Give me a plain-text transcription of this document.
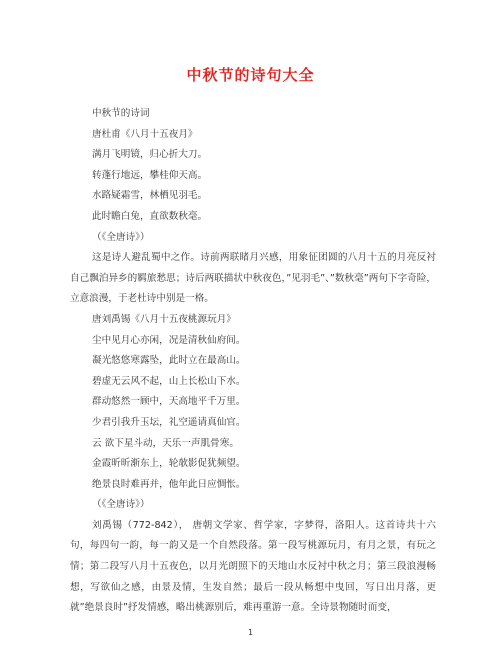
中秋节的诗句大全
中秋节的诗词
唐杜甫《八月十五夜月》
满月飞明镜，归心折大刀。
转蓬行地远，攀桂仰天高。
水路疑霜雪，林栖见羽毛。
此时瞻白兔，直欲数秋毫。
（《全唐诗》）
这是诗人避乱蜀中之作。诗前两联睹月兴感，用象征团圆的八月十五的月亮反衬自己飘泊异乡的羁旅愁思；诗后两联描状中秋夜色，”见羽毛”、”数秋毫”两句下字奇险，立意浪漫，于老杜诗中别是一格。
唐刘禹锡《八月十五夜桃源玩月》
尘中见月心亦闲，况是清秋仙府间。
凝光悠悠寒露坠，此时立在最高山。
碧虚无云风不起，山上长松山下水。
群动悠然一顾中，天高地平千万里。
少君引我升玉坛，礼空遥请真仙官。
云 欲下星斗动，天乐一声肌骨寒。
金霞昕昕渐东上，轮欹影促犹频望。
绝景良时难再并，他年此日应惆怅。
（《全唐诗》）
刘禹锡（772-842）， 唐朝文学家、哲学家，字梦得，洛阳人。这首诗共十六句，每四句一韵，每一韵又是一个自然段落。第一段写桃源玩月，有月之景，有玩之情；第二段写八月十五夜色，以月光朗照下的天地山水反衬中秋之月；第三段浪漫畅想，写欲仙之感，由景及情，生发自然；最后一段从畅想中曳回，写日出月落，更就”绝景良时”抒发情感，略出桃源别后，难再重游一意。全诗景物随时而变，
1
